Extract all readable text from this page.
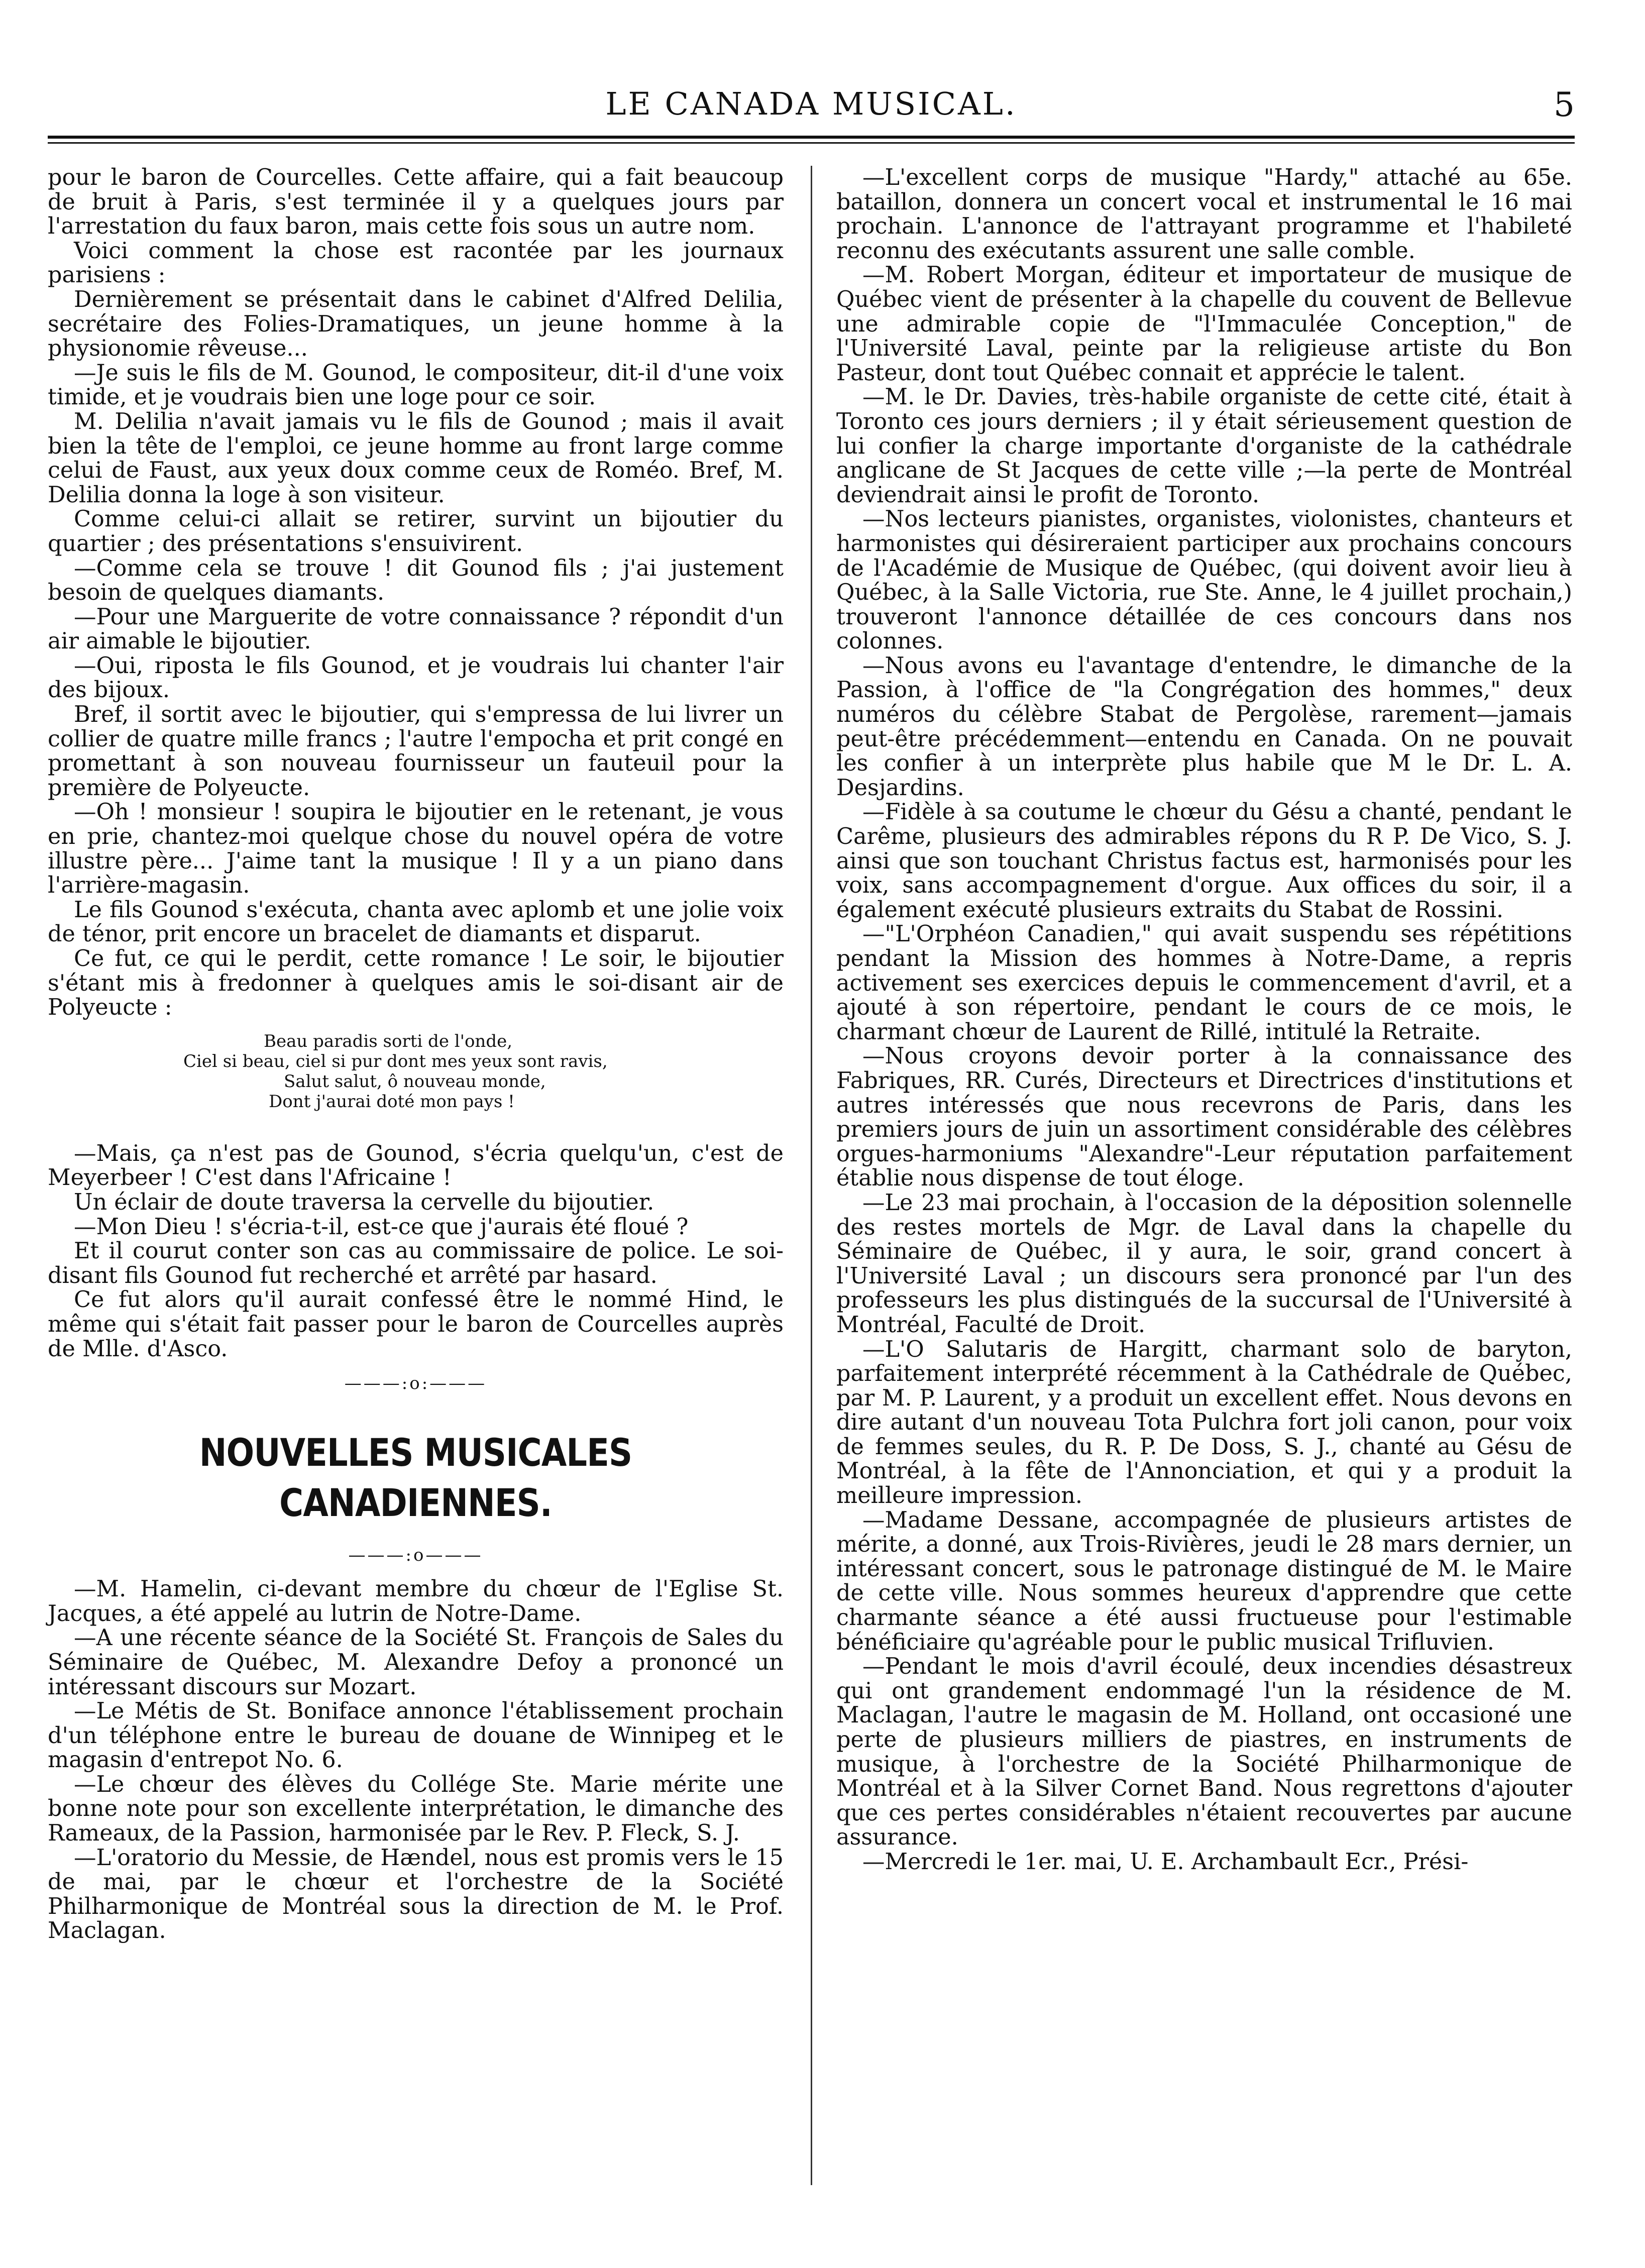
LE CANADA MUSICAL.	5

pour le baron de Courcelles. Cette affaire, qui a fait beaucoup de bruit à Paris, s'est terminée il y a quelques jours par l'arrestation du faux baron, mais cette fois sous un autre nom.

Voici comment la chose est racontée par les journaux parisiens :

Dernièrement se présentait dans le cabinet d'Alfred Delilia, secrétaire des Folies-Dramatiques, un jeune homme à la physionomie rêveuse...

—Je suis le fils de M. Gounod, le compositeur, dit-il d'une voix timide, et je voudrais bien une loge pour ce soir.

M. Delilia n'avait jamais vu le fils de Gounod ; mais il avait bien la tête de l'emploi, ce jeune homme au front large comme celui de Faust, aux yeux doux comme ceux de Roméo. Bref, M. Delilia donna la loge à son visiteur.

Comme celui-ci allait se retirer, survint un bijoutier du quartier ; des présentations s'ensuivirent.

—Comme cela se trouve ! dit Gounod fils ; j'ai justement besoin de quelques diamants.

—Pour une Marguerite de votre connaissance ? répondit d'un air aimable le bijoutier.

—Oui, riposta le fils Gounod, et je voudrais lui chanter l'air des bijoux.

Bref, il sortit avec le bijoutier, qui s'empressa de lui livrer un collier de quatre mille francs ; l'autre l'empocha et prit congé en promettant à son nouveau fournisseur un fauteuil pour la première de Polyeucte.

—Oh ! monsieur ! soupira le bijoutier en le retenant, je vous en prie, chantez-moi quelque chose du nouvel opéra de votre illustre père... J'aime tant la musique ! Il y a un piano dans l'arrière-magasin.

Le fils Gounod s'exécuta, chanta avec aplomb et une jolie voix de ténor, prit encore un bracelet de diamants et disparut.

Ce fut, ce qui le perdit, cette romance ! Le soir, le bijoutier s'étant mis à fredonner à quelques amis le soi-disant air de Polyeucte :

Beau paradis sorti de l'onde,
Ciel si beau, ciel si pur dont mes yeux sont ravis,
Salut salut, ô nouveau monde,
Dont j'aurai doté mon pays !

—Mais, ça n'est pas de Gounod, s'écria quelqu'un, c'est de Meyerbeer ! C'est dans l'Africaine !

Un éclair de doute traversa la cervelle du bijoutier.

—Mon Dieu ! s'écria-t-il, est-ce que j'aurais été floué ?

Et il courut conter son cas au commissaire de police. Le soi-disant fils Gounod fut recherché et arrêté par hasard.

Ce fut alors qu'il aurait confessé être le nommé Hind, le même qui s'était fait passer pour le baron de Courcelles auprès de Mlle. d'Asco.

———:o:———
NOUVELLES MUSICALES CANADIENNES.
———:o———

—M. Hamelin, ci-devant membre du chœur de l'Eglise St. Jacques, a été appelé au lutrin de Notre-Dame.

—A une récente séance de la Société St. François de Sales du Séminaire de Québec, M. Alexandre Defoy a prononcé un intéressant discours sur Mozart.

—Le Métis de St. Boniface annonce l'établissement prochain d'un téléphone entre le bureau de douane de Winnipeg et le magasin d'entrepot No. 6.

—Le chœur des élèves du Collége Ste. Marie mérite une bonne note pour son excellente interprétation, le dimanche des Rameaux, de la Passion, harmonisée par le Rev. P. Fleck, S. J.

—L'oratorio du Messie, de Hændel, nous est promis vers le 15 de mai, par le chœur et l'orchestre de la Société Philharmonique de Montréal sous la direction de M. le Prof. Maclagan.

—L'excellent corps de musique "Hardy," attaché au 65e. bataillon, donnera un concert vocal et instrumental le 16 mai prochain. L'annonce de l'attrayant programme et l'habileté reconnu des exécutants assurent une salle comble.

—M. Robert Morgan, éditeur et importateur de musique de Québec vient de présenter à la chapelle du couvent de Bellevue une admirable copie de "l'Immaculée Conception," de l'Université Laval, peinte par la religieuse artiste du Bon Pasteur, dont tout Québec connait et apprécie le talent.

—M. le Dr. Davies, très-habile organiste de cette cité, était à Toronto ces jours derniers ; il y était sérieusement question de lui confier la charge importante d'organiste de la cathédrale anglicane de St Jacques de cette ville ;—la perte de Montréal deviendrait ainsi le profit de Toronto.

—Nos lecteurs pianistes, organistes, violonistes, chanteurs et harmonistes qui désireraient participer aux prochains concours de l'Académie de Musique de Québec, (qui doivent avoir lieu à Québec, à la Salle Victoria, rue Ste. Anne, le 4 juillet prochain,) trouveront l'annonce détaillée de ces concours dans nos colonnes.

—Nous avons eu l'avantage d'entendre, le dimanche de la Passion, à l'office de "la Congrégation des hommes," deux numéros du célèbre Stabat de Pergolèse, rarement—jamais peut-être précédemment—entendu en Canada. On ne pouvait les confier à un interprète plus habile que M le Dr. L. A. Desjardins.

—Fidèle à sa coutume le chœur du Gésu a chanté, pendant le Carême, plusieurs des admirables répons du R P. De Vico, S. J. ainsi que son touchant Christus factus est, harmonisés pour les voix, sans accompagnement d'orgue. Aux offices du soir, il a également exécuté plusieurs extraits du Stabat de Rossini.

—"L'Orphéon Canadien," qui avait suspendu ses répétitions pendant la Mission des hommes à Notre-Dame, a repris activement ses exercices depuis le commencement d'avril, et a ajouté à son répertoire, pendant le cours de ce mois, le charmant chœur de Laurent de Rillé, intitulé la Retraite.

—Nous croyons devoir porter à la connaissance des Fabriques, RR. Curés, Directeurs et Directrices d'institutions et autres intéressés que nous recevrons de Paris, dans les premiers jours de juin un assortiment considérable des célèbres orgues-harmoniums "Alexandre"-Leur réputation parfaitement établie nous dispense de tout éloge.

—Le 23 mai prochain, à l'occasion de la déposition solennelle des restes mortels de Mgr. de Laval dans la chapelle du Séminaire de Québec, il y aura, le soir, grand concert à l'Université Laval ; un discours sera prononcé par l'un des professeurs les plus distingués de la succursal de l'Université à Montréal, Faculté de Droit.

—L'O Salutaris de Hargitt, charmant solo de baryton, parfaitement interprété récemment à la Cathédrale de Québec, par M. P. Laurent, y a produit un excellent effet. Nous devons en dire autant d'un nouveau Tota Pulchra fort joli canon, pour voix de femmes seules, du R. P. De Doss, S. J., chanté au Gésu de Montréal, à la fête de l'Annonciation, et qui y a produit la meilleure impression.

—Madame Dessane, accompagnée de plusieurs artistes de mérite, a donné, aux Trois-Rivières, jeudi le 28 mars dernier, un intéressant concert, sous le patronage distingué de M. le Maire de cette ville. Nous sommes heureux d'apprendre que cette charmante séance a été aussi fructueuse pour l'estimable bénéficiaire qu'agréable pour le public musical Trifluvien.

—Pendant le mois d'avril écoulé, deux incendies désastreux qui ont grandement endommagé l'un la résidence de M. Maclagan, l'autre le magasin de M. Holland, ont occasioné une perte de plusieurs milliers de piastres, en instruments de musique, à l'orchestre de la Société Philharmonique de Montréal et à la Silver Cornet Band. Nous regrettons d'ajouter que ces pertes considérables n'étaient recouvertes par aucune assurance.

—Mercredi le 1er. mai, U. E. Archambault Ecr., Prési-
